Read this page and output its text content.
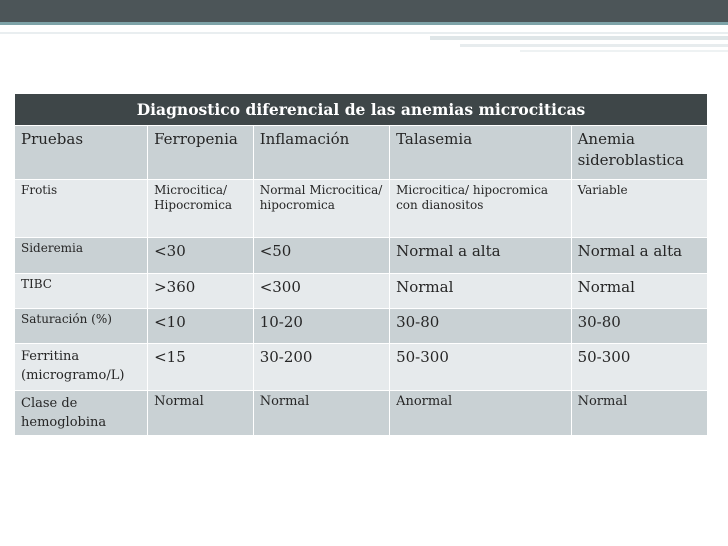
Diagnostico diferencial de las anemias microciticas				
Pruebas	Ferropenia	Inflamación	Talasemia	Anemia sideroblastica
Frotis	Microcitica/ Hipocromica	Normal Microcitica/ hipocromica	Microcitica/ hipocromica con dianositos	Variable
Sideremia	<30	<50	Normal a alta	Normal a alta
TIBC	>360	<300	Normal	Normal
Saturación (%)	<10	10-20	30-80	30-80
Ferritina (microgramo/L)	<15	30-200	50-300	50-300
Clase de hemoglobina	Normal	Normal	Anormal	Normal
